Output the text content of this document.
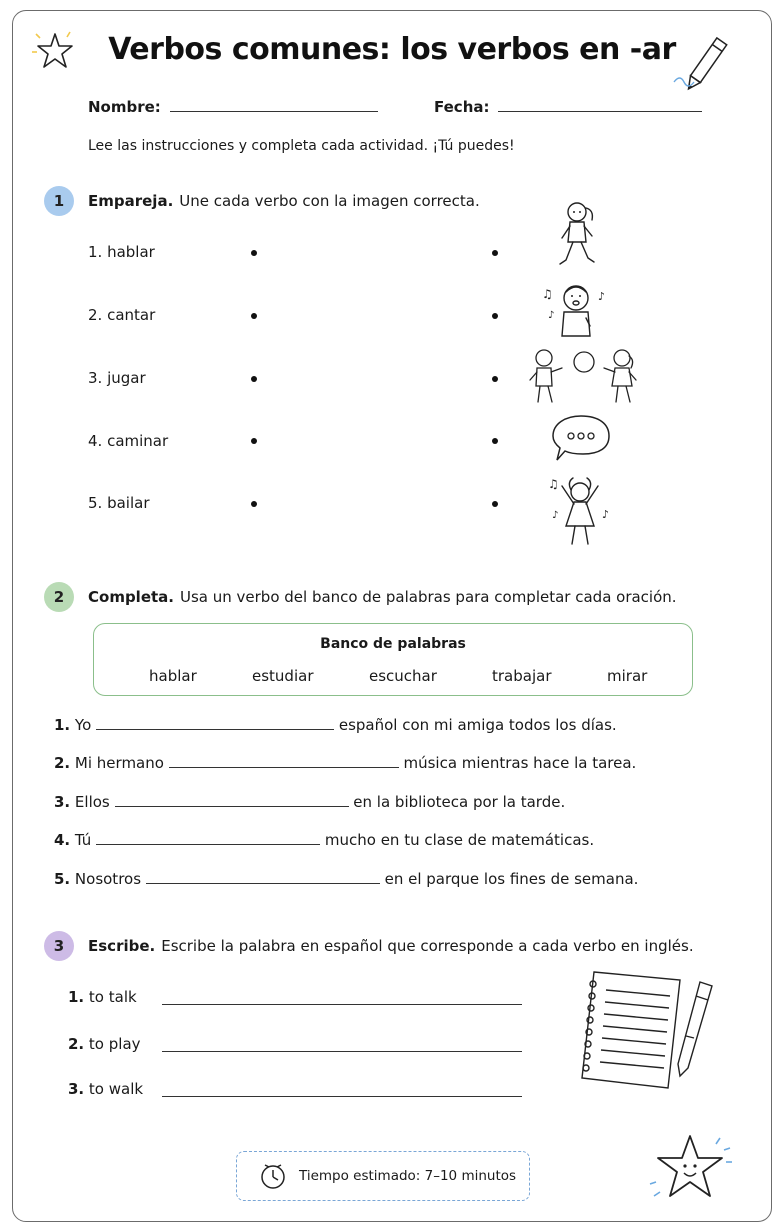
Verbos comunes: los verbos en -ar
Nombre:	Fecha:
Lee las instrucciones y completa cada actividad. ¡Tú puedes!
1	Empareja. Une cada verbo con la imagen correcta.
1. hablar
2. cantar
3. jugar
4. caminar
5. bailar
♫
♪
♪
♫
♪	♪
2	Completa. Usa un verbo del banco de palabras para completar cada oración.
Banco de palabras
hablar	estudiar	escuchar	trabajar	mirar
1. Yo	español con mi amiga todos los días.
2. Mi hermano	música mientras hace la tarea.
3. Ellos	en la biblioteca por la tarde.
4. Tú	mucho en tu clase de matemáticas.
5. Nosotros	en el parque los fines de semana.
3	Escribe. Escribe la palabra en español que corresponde a cada verbo en inglés.
1. to talk
2. to play
3. to walk
Tiempo estimado: 7–10 minutos
